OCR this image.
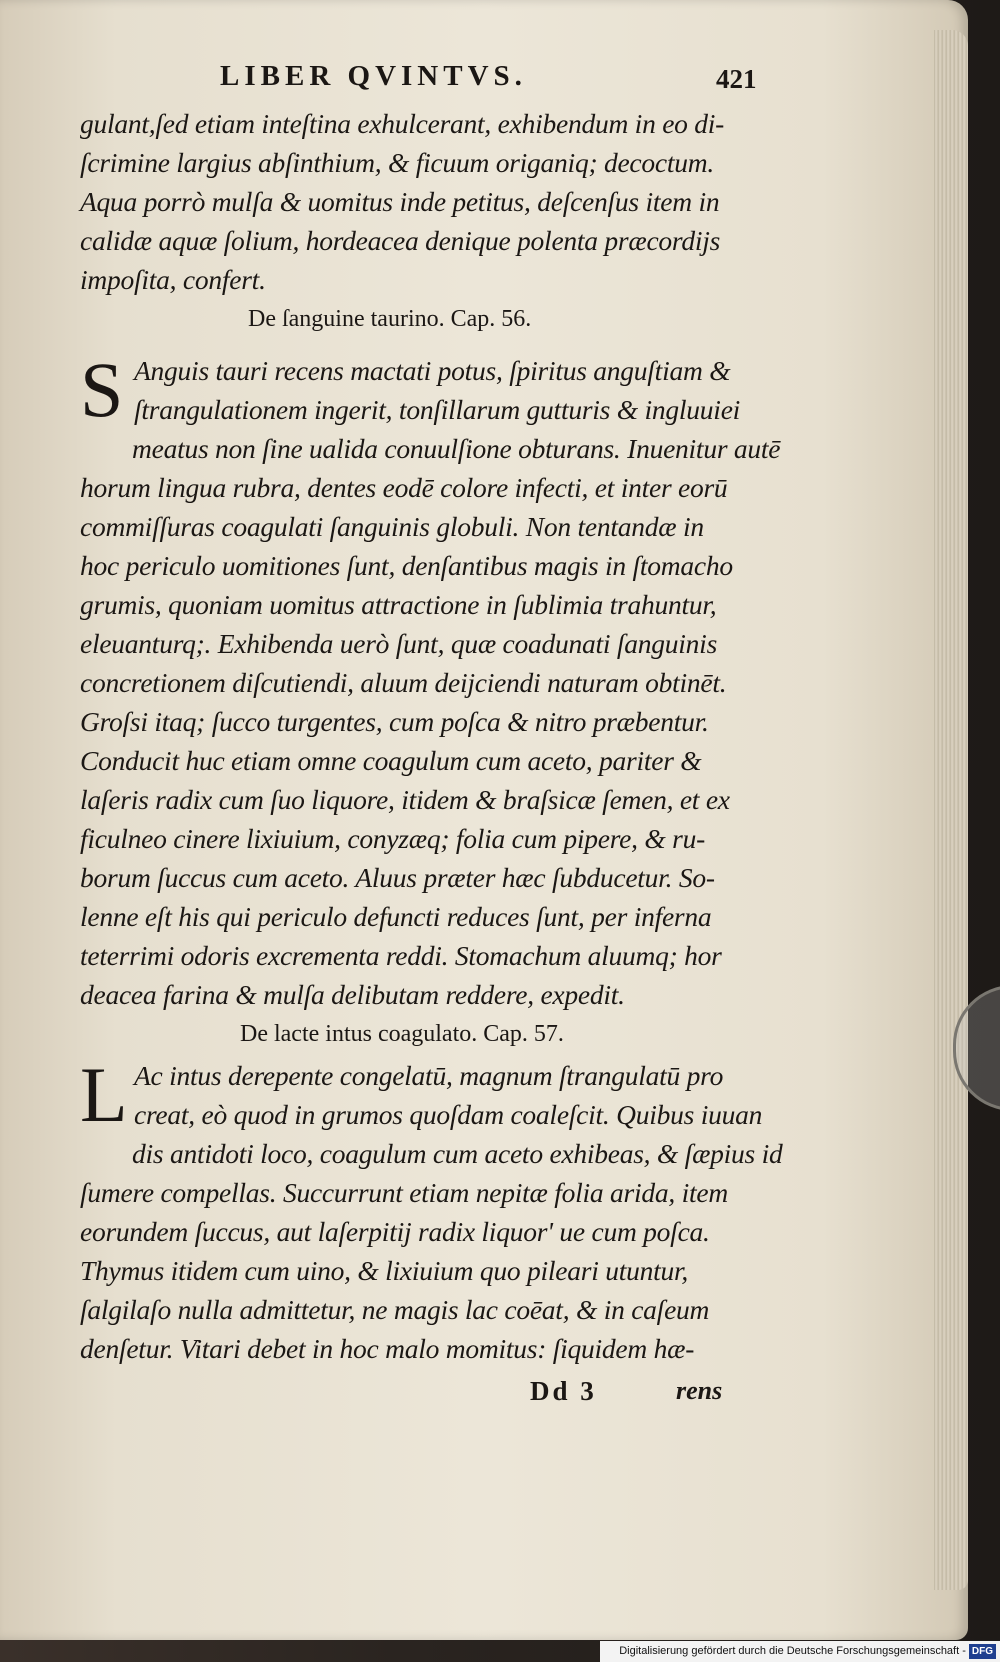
LIBER QVINTVS.	421
gulant,ſed etiam inteſtina exhulcerant, exhibendum in eo di-
ſcrimine largius abſinthium, & ficuum origaniq; decoctum.
Aqua porrò mulſa & uomitus inde petitus, deſcenſus item in
calidæ aquæ ſolium, hordeacea denique polenta præcordijs
impoſita, confert.
De ſanguine taurino. Cap. 56.
S Anguis tauri recens mactati potus, ſpiritus anguſtiam &
ſtrangulationem ingerit, tonſillarum gutturis & ingluuiei
meatus non ſine ualida conuulſione obturans. Inuenitur autē
horum lingua rubra, dentes eodē colore infecti, et inter eorū
commiſſuras coagulati ſanguinis globuli. Non tentandæ in
hoc periculo uomitiones ſunt, denſantibus magis in ſtomacho
grumis, quoniam uomitus attractione in ſublimia trahuntur,
eleuanturq;. Exhibenda uerò ſunt, quæ coadunati ſanguinis
concretionem diſcutiendi, aluum deijciendi naturam obtinēt.
Groſsi itaq; ſucco turgentes, cum poſca & nitro præbentur.
Conducit huc etiam omne coagulum cum aceto, pariter &
laſeris radix cum ſuo liquore, itidem & braſsicæ ſemen, et ex
ficulneo cinere lixiuium, conyzæq; folia cum pipere, & ru-
borum ſuccus cum aceto. Aluus præter hæc ſubducetur. So-
lenne eſt his qui periculo defuncti reduces ſunt, per inferna
teterrimi odoris excrementa reddi. Stomachum aluumq; hor
deacea farina & mulſa delibutam reddere, expedit.
De lacte intus coagulato. Cap. 57.
L Ac intus derepente congelatū, magnum ſtrangulatū pro
creat, eò quod in grumos quoſdam coaleſcit. Quibus iuuan
dis antidoti loco, coagulum cum aceto exhibeas, & ſæpius id
ſumere compellas. Succurrunt etiam nepitæ folia arida, item
eorundem ſuccus, aut laſerpitij radix liquor' ue cum poſca.
Thymus itidem cum uino, & lixiuium quo pileari utuntur,
ſalgilaſo nulla admittetur, ne magis lac coēat, & in caſeum
denſetur. Vitari debet in hoc malo momitus: ſiquidem hæ-
Dd 3	rens
Digitalisierung gefördert durch die Deutsche Forschungsgemeinschaft - DFG
